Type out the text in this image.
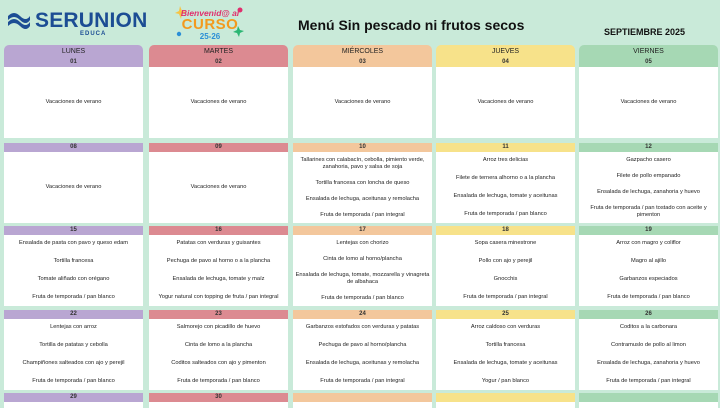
SERUNION
EDUCA
Bienvenid@ al
CURSO
25-26
Menú Sin pescado ni frutos secos	SEPTIEMBRE 2025
LUNES	MARTES	MIÉRCOLES	JUEVES	VIERNES
01
Vacaciones de verano
02
Vacaciones de verano
03
Vacaciones de verano
04
Vacaciones de verano
05
Vacaciones de verano
08
Vacaciones de verano
09
Vacaciones de verano
10
Tallarines con calabacín, cebolla, pimiento verde, zanahoria, pavo y salsa de soja
Tortilla francesa con loncha de queso
Ensalada de lechuga, aceitunas y remolacha
Fruta de temporada / pan integral
11
Arroz tres delicias
Filete de ternera alhorno o a la plancha
Ensalada de lechuga, tomate y aceitunas
Fruta de temporada / pan blanco
12
Gazpacho casero
Filete de pollo empanado
Ensalada de lechuga, zanahoria y huevo
Fruta de temporada / pan tostado con aceite y pimenton
15
Ensalada de pasta con pavo y queso edam
Tortilla francesa
Tomate aliñado con orégano
Fruta de temporada / pan blanco
16
Patatas con verduras y guisantes
Pechuga de pavo al horno o a la plancha
Ensalada de lechuga, tomate y maíz
Yogur natural con topping de fruta / pan integral
17
Lentejas con chorizo
Cinta de lomo al horno/plancha
Ensalada de lechuga, tomate, mozzarella y vinagreta de albahaca
Fruta de temporada / pan blanco
18
Sopa casera minestrone
Pollo con ajo y perejil
Gnocchis
Fruta de temporada / pan integral
19
Arroz con magro y coliflor
Magro al ajillo
Garbanzos especiados
Fruta de temporada / pan blanco
22
Lentejas con arroz
Tortilla de patatas y cebolla
Champiñones salteados con ajo y perejil
Fruta de temporada / pan blanco
23
Salmorejo con picadillo de huevo
Cinta de lomo a la plancha
Coditos salteados con ajo y pimenton
Fruta de temporada / pan blanco
24
Garbanzos estofados con verduras y patatas
Pechuga de pavo al horno/plancha
Ensalada de lechuga, aceitunas y remolacha
Fruta de temporada / pan integral
25
Arroz caldoso con verduras
Tortilla francesa
Ensalada de lechuga, tomate y aceitunas
Yogur / pan blanco
26
Coditos a la carbonara
Contramuslo de pollo al limon
Ensalada de lechuga, zanahoria y huevo
Fruta de temporada / pan integral
29	30
